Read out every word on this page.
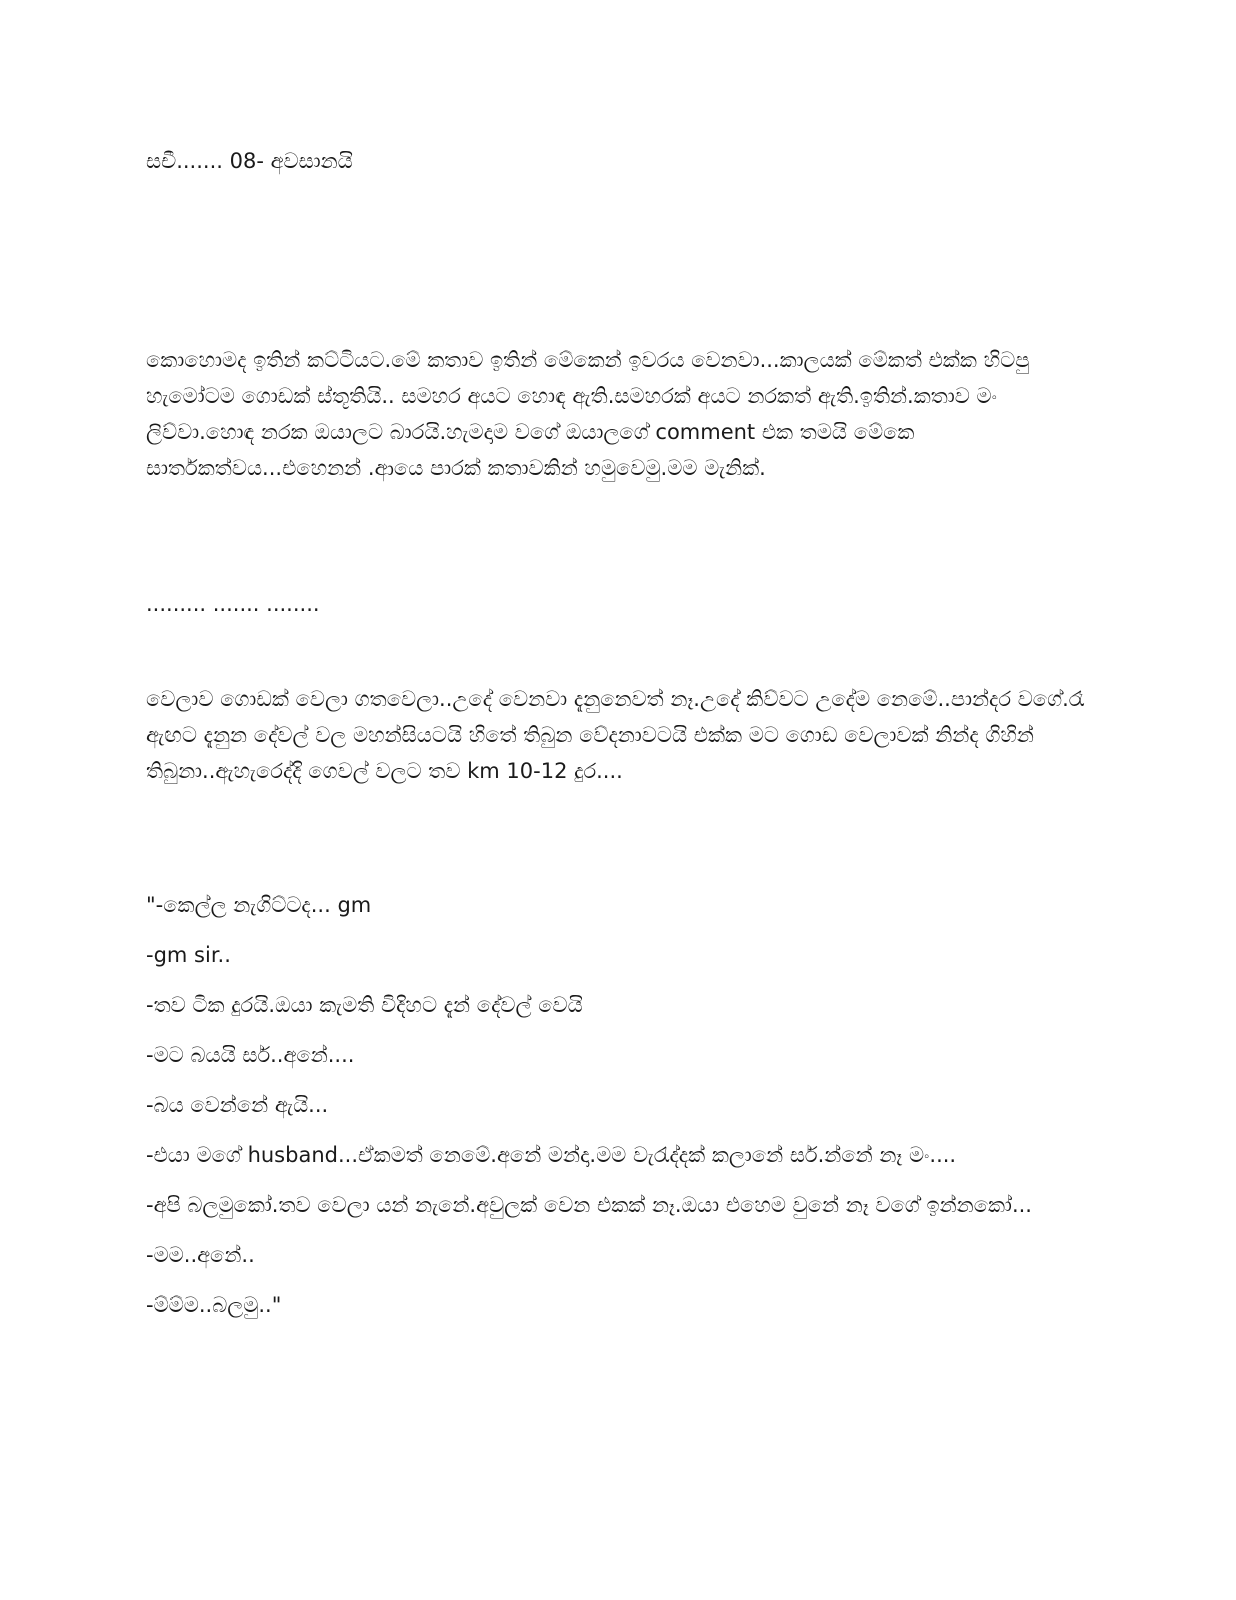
සචී....... 08- අවසානයි

කොහොමද ඉතින් කට්ටියට.මේ කතාව ඉතින් මේකෙන් ඉවරය වෙනවා...කාලයක් මේකත් එක්ක හිටපු හැමෝටම ගොඩක් ස්තූතියි.. සමහර අයට හොඳ ඇති.සමහරක් අයට නරකත් ඇති.ඉතින්.කතාව මං ලිව්වා.හොඳ නරක ඔයාලට බාරයි.හැමදාම වගේ ඔයාලගේ comment එක තමයි මේකෙ සාර්තකත්වය...එහෙනන් .ආයෙ පාරක් කතාවකින් හමුවෙමු.මම මැනික්.

......... ....... ........

වෙලාව ගොඩක් වෙලා ගතවෙලා..උදේ වෙනවා දැනුනෙවත් නෑ.උදේ කිව්වට උදේම නෙමේ..පාන්දර වගේ.රෑ ඇඟට දැනුන දේවල් වල මහන්සියටයි හිතේ තිබුන වේදනාවටයි එක්ක මට ගොඩ වෙලාවක් නින්ද ගිහින් තිබුනා..ඇහැරෙද්දි ගෙවල් වලට තව km 10-12 දුර....

"-කෙල්ල නැගිට්ටද... gm

-gm sir..

-තව ටික දුරයි.ඔයා කැමති විදිහට දැන් දේවල් වෙයි

-මට බයයි සර්..අනේ....

-බය වෙන්නේ ඇයි...

-එයා මගේ husband...ඒකමත් නෙමේ.අනේ මන්දා.මම වැරැද්දක් කලානේ සර්.න්නේ නෑ මං....

-අපි බලමුකෝ.තව වෙලා යන් නැනේ.අවුලක් වෙන එකක් නෑ.ඔයා එහෙම වුනේ නෑ වගේ ඉන්නකෝ...

-මම..අනේ..

-ම්ම්ම..බලමු.."
